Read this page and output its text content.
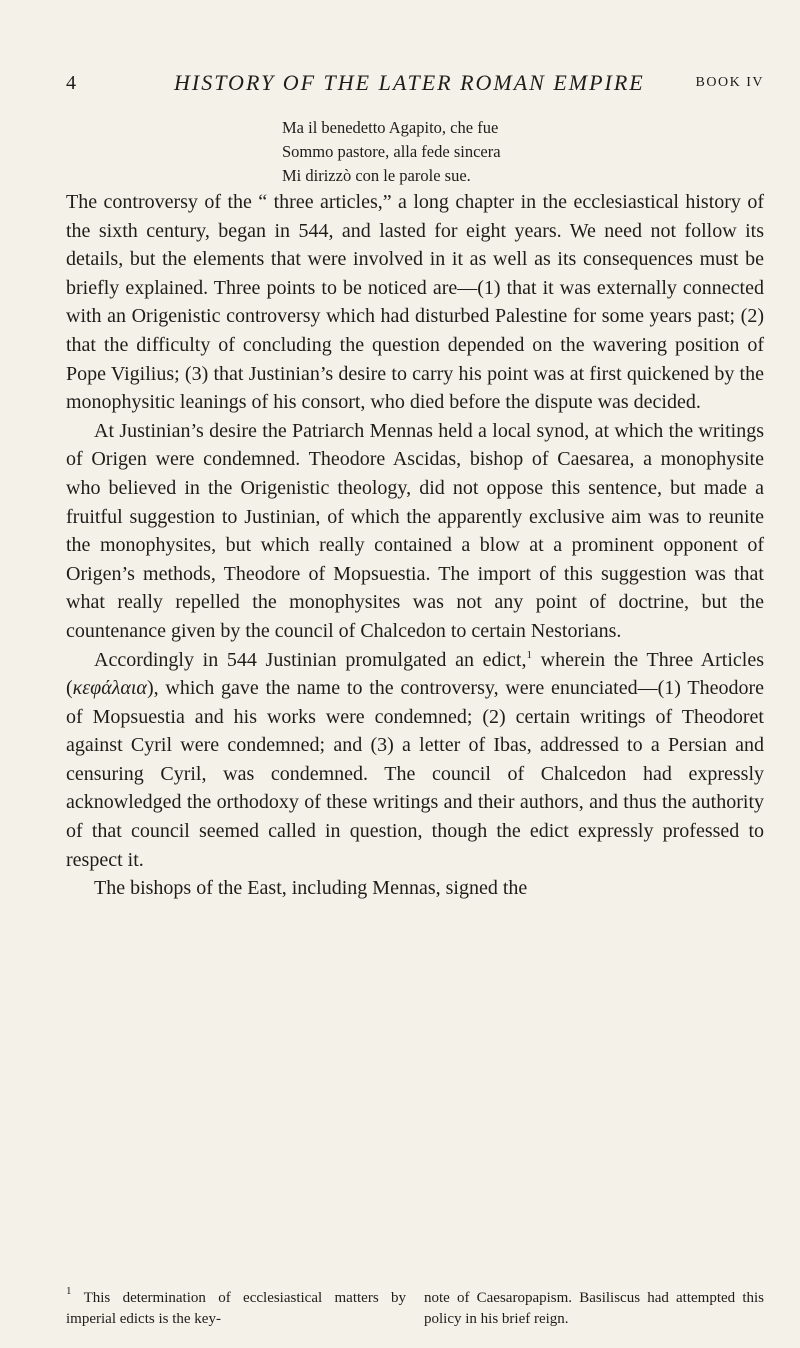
4	HISTORY OF THE LATER ROMAN EMPIRE	BOOK IV
Ma il benedetto Agapito, che fue
Sommo pastore, alla fede sincera
Mi dirizzò con le parole sue.

The controversy of the “ three articles,” a long chapter in the ecclesiastical history of the sixth century, began in 544, and lasted for eight years. We need not follow its details, but the elements that were involved in it as well as its consequences must be briefly explained. Three points to be noticed are—(1) that it was externally connected with an Origenistic controversy which had disturbed Palestine for some years past; (2) that the difficulty of concluding the question depended on the wavering position of Pope Vigilius; (3) that Justinian’s desire to carry his point was at first quickened by the monophysitic leanings of his consort, who died before the dispute was decided.

At Justinian’s desire the Patriarch Mennas held a local synod, at which the writings of Origen were condemned. Theodore Ascidas, bishop of Caesarea, a monophysite who believed in the Origenistic theology, did not oppose this sentence, but made a fruitful suggestion to Justinian, of which the apparently exclusive aim was to reunite the monophysites, but which really contained a blow at a prominent opponent of Origen’s methods, Theodore of Mopsuestia. The import of this suggestion was that what really repelled the monophysites was not any point of doctrine, but the countenance given by the council of Chalcedon to certain Nestorians.

Accordingly in 544 Justinian promulgated an edict,$^1$ wherein the Three Articles (κεφάλαια), which gave the name to the controversy, were enunciated—(1) Theodore of Mopsuestia and his works were condemned; (2) certain writings of Theodoret against Cyril were condemned; and (3) a letter of Ibas, addressed to a Persian and censuring Cyril, was condemned. The council of Chalcedon had expressly acknowledged the orthodoxy of these writings and their authors, and thus the authority of that council seemed called in question, though the edict expressly professed to respect it.

The bishops of the East, including Mennas, signed the

$^1$ This determination of ecclesiastical matters by imperial edicts is the key-
note of Caesaropapism. Basiliscus had attempted this policy in his brief reign.
